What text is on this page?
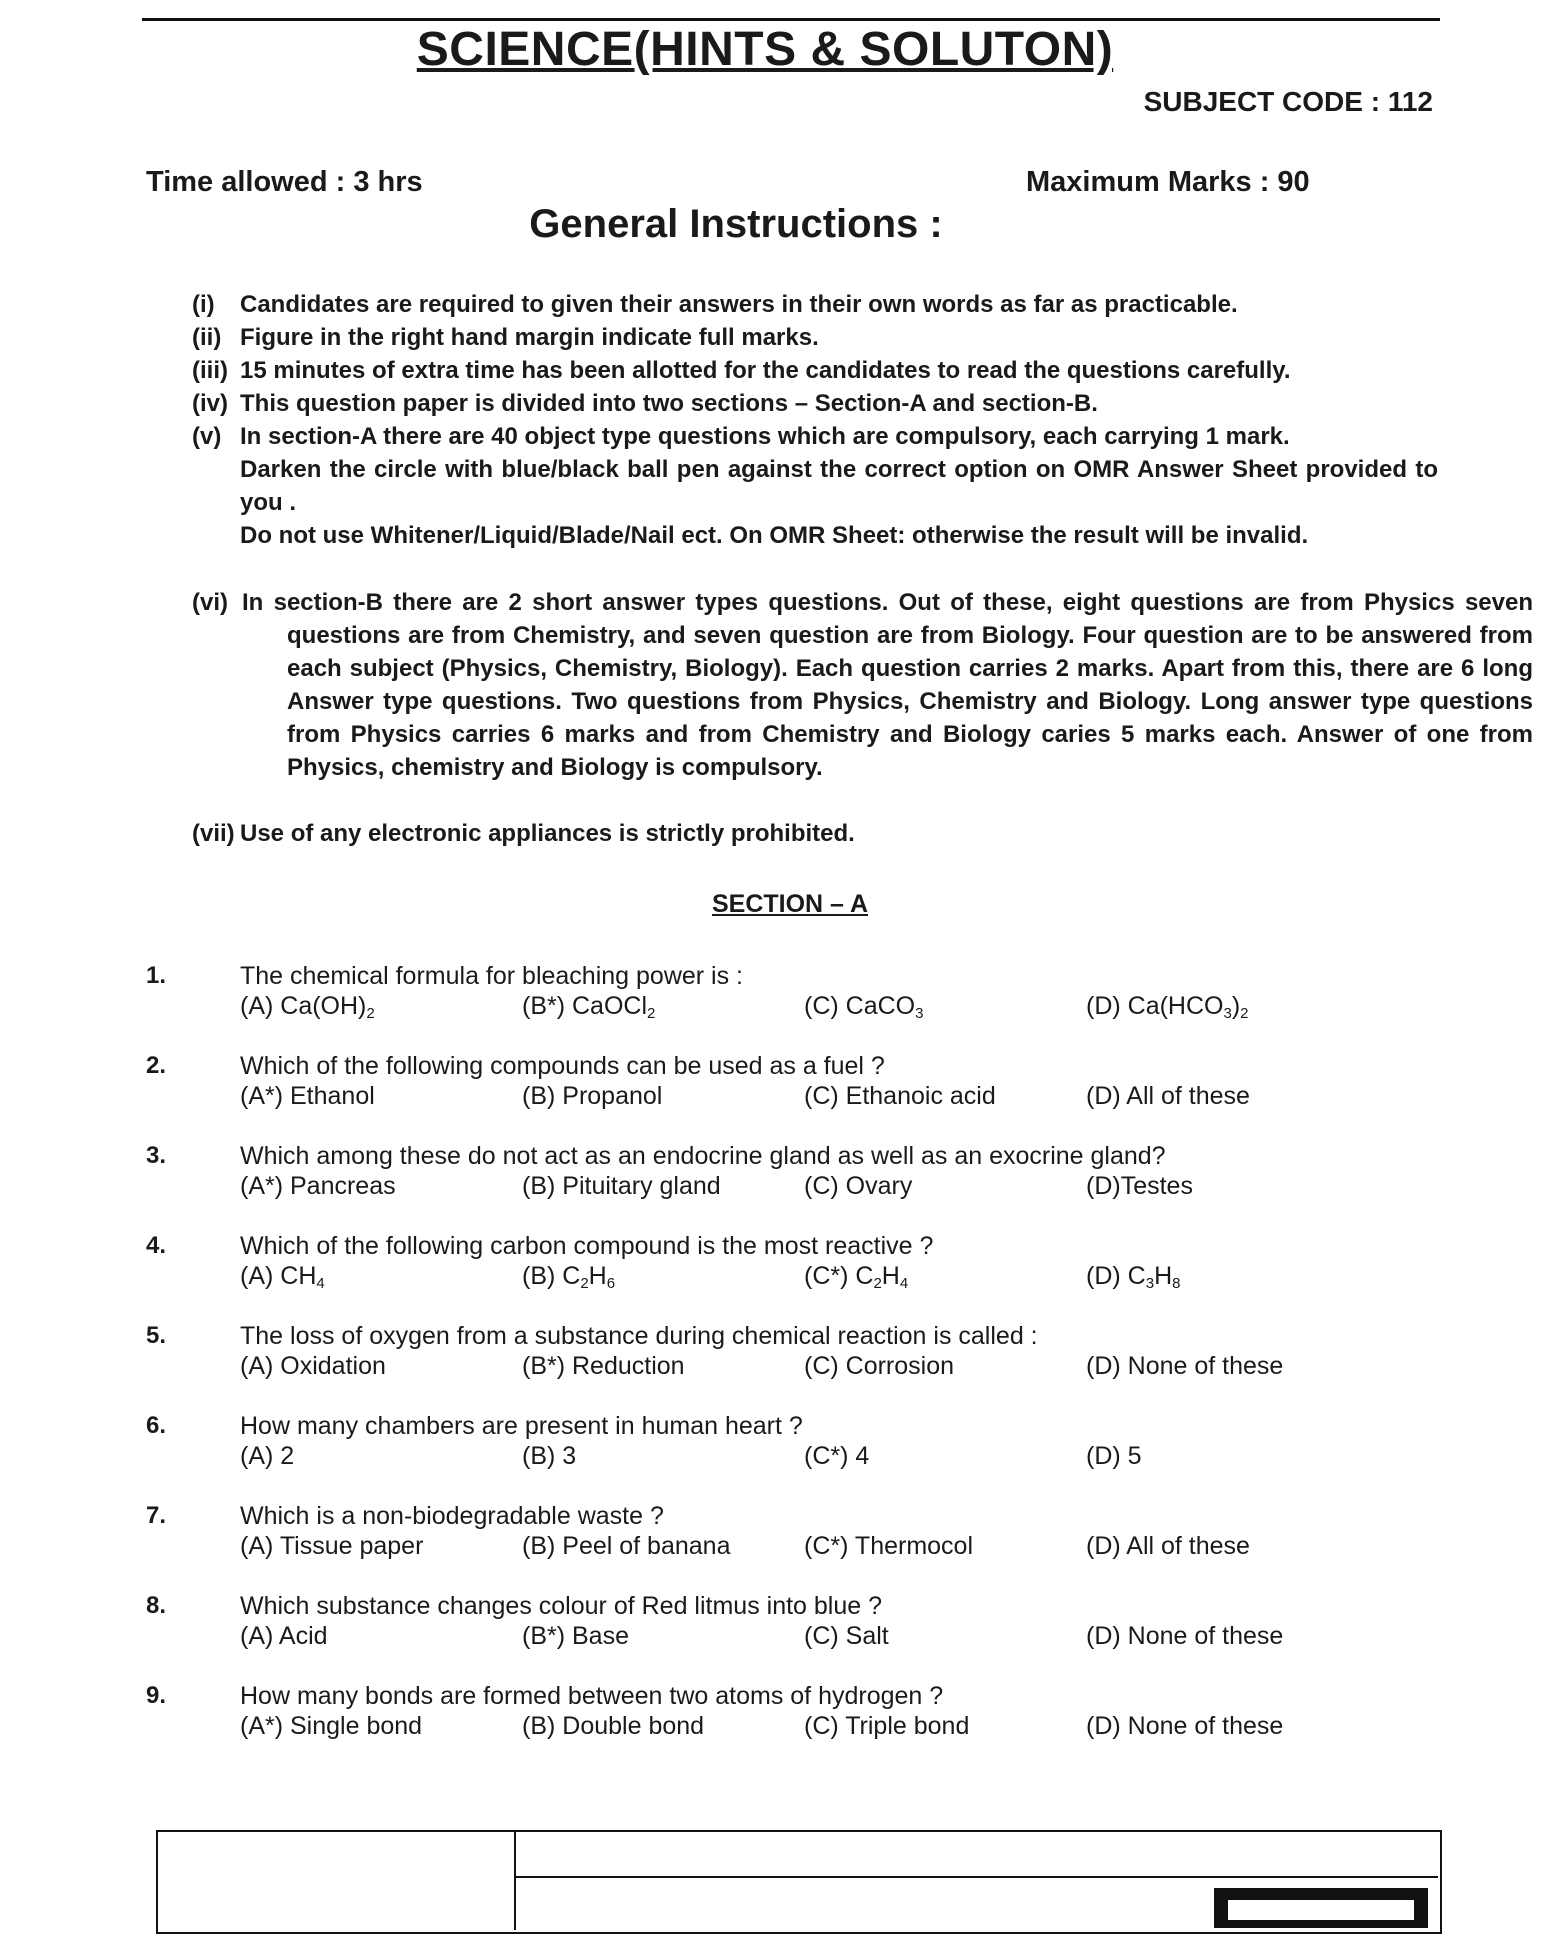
SCIENCE(HINTS & SOLUTON)
SUBJECT CODE : 112
Time allowed : 3 hrs	Maximum Marks : 90
General Instructions :
(i) Candidates are required to given their answers in their own words as far as practicable.
(ii) Figure in the right hand margin indicate full marks.
(iii) 15 minutes of extra time has been allotted for the candidates to read the questions carefully.
(iv) This question paper is divided into two sections – Section-A and section-B.
(v) In section-A there are 40 object type questions which are compulsory, each carrying 1 mark.
Darken the circle with blue/black ball pen against the correct option on OMR Answer Sheet provided to you .
Do not use Whitener/Liquid/Blade/Nail ect. On OMR Sheet: otherwise the result will be invalid.
(vi) In section-B there are 2 short answer types questions. Out of these, eight questions are from Physics seven questions are from Chemistry, and seven question are from Biology. Four question are to be answered from each subject (Physics, Chemistry, Biology). Each question carries 2 marks. Apart from this, there are 6 long Answer type questions. Two questions from Physics, Chemistry and Biology. Long answer type questions from Physics carries 6 marks and from Chemistry and Biology caries 5 marks each. Answer of one from Physics, chemistry and Biology is compulsory.
(vii) Use of any electronic appliances is strictly prohibited.
SECTION – A
1.	The chemical formula for bleaching power is :
(A) $Ca(OH)_2$	(B*) CaOCl$_2$	(C) CaCO$_3$	(D) $Ca(HCO_3)_2$
2.	Which of the following compounds can be used as a fuel ?
(A*) Ethanol	(B) Propanol	(C) Ethanoic acid	(D) All of these
3.	Which among these do not act as an endocrine gland as well as an exocrine gland?
(A*) Pancreas	(B) Pituitary gland	(C) Ovary	(D)Testes
4.	Which of the following carbon compound is the most reactive ?
(A) $CH_4$	(B) $C_2H_6$	(C*) $C_2H_4$	(D) $C_3H_8$
5.	The loss of oxygen from a substance during chemical reaction is called :
(A) Oxidation	(B*) Reduction	(C) Corrosion	(D) None of these
6.	How many chambers are present in human heart ?
(A) 2	(B) 3	(C*) 4	(D) 5
7.	Which is a non-biodegradable waste ?
(A) Tissue paper	(B) Peel of banana	(C*) Thermocol	(D) All of these
8.	Which substance changes colour of Red litmus into blue ?
(A) Acid	(B*) Base	(C) Salt	(D) None of these
9.	How many bonds are formed between two atoms of hydrogen ?
(A*) Single bond	(B) Double bond	(C) Triple bond	(D) None of these
